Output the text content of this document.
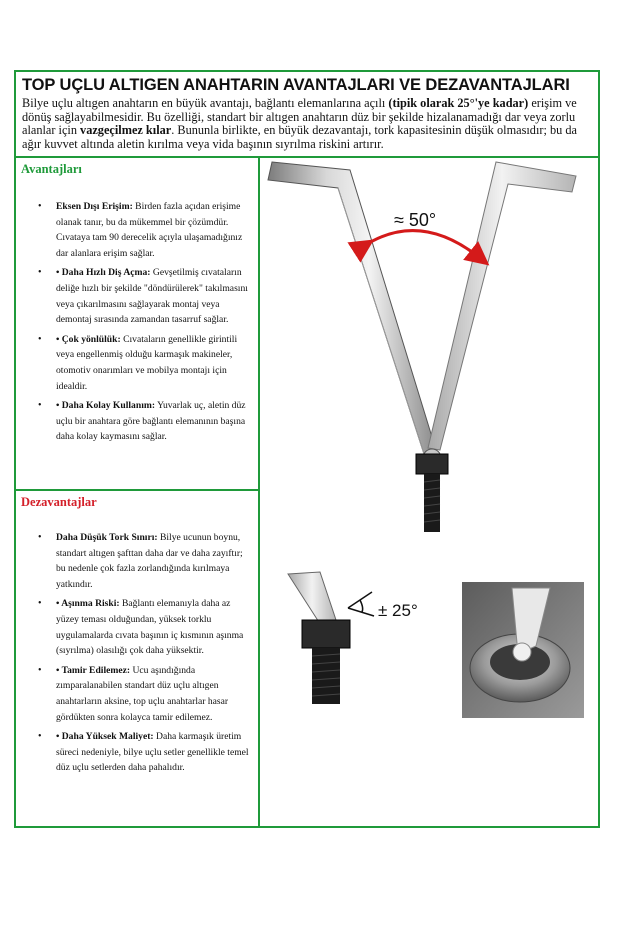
TOP UÇLU ALTIGEN ANAHTARIN AVANTAJLARI VE DEZAVANTAJLARI

Bilye uçlu altıgen anahtarın en büyük avantajı, bağlantı elemanlarına açılı (tipik olarak 25°'ye kadar) erişim ve dönüş sağlayabilmesidir. Bu özelliği, standart bir altıgen anahtarın düz bir şekilde hizalanamadığı dar veya zorlu alanlar için vazgeçilmez kılar. Bununla birlikte, en büyük dezavantajı, tork kapasitesinin düşük olmasıdır; bu da ağır kuvvet altında aletin kırılma veya vida başının sıyrılma riskini artırır.

Avantajları
• Eksen Dışı Erişim: Birden fazla açıdan erişime olanak tanır, bu da mükemmel bir çözümdür. Cıvataya tam 90 derecelik açıyla ulaşamadığınız dar alanlara erişim sağlar.
• • Daha Hızlı Diş Açma: Gevşetilmiş cıvataların deliğe hızlı bir şekilde "döndürülerek" takılmasını veya çıkarılmasını sağlayarak montaj veya demontaj sırasında zamandan tasarruf sağlar.
• • Çok yönlülük: Cıvataların genellikle girintili veya engellenmiş olduğu karmaşık makineler, otomotiv onarımları ve mobilya montajı için idealdir.
• • Daha Kolay Kullanım: Yuvarlak uç, aletin düz uçlu bir anahtara göre bağlantı elemanının başına daha kolay kaymasını sağlar.
Dezavantajlar
• Daha Düşük Tork Sınırı: Bilye ucunun boynu, standart altıgen şafttan daha dar ve daha zayıftır; bu nedenle çok fazla zorlandığında kırılmaya yatkındır.
• • Aşınma Riski: Bağlantı elemanıyla daha az yüzey teması olduğundan, yüksek torklu uygulamalarda cıvata başının iç kısmının aşınma (sıyrılma) olasılığı çok daha yüksektir.
• • Tamir Edilemez: Ucu aşındığında zımparalanabilen standart düz uçlu altıgen anahtarların aksine, top uçlu anahtarlar hasar gördükten sonra kolayca tamir edilemez.
• • Daha Yüksek Maliyet: Daha karmaşık üretim süreci nedeniyle, bilye uçlu setler genellikle temel düz uçlu setlerden daha pahalıdır.
≈ 50°
± 25°
